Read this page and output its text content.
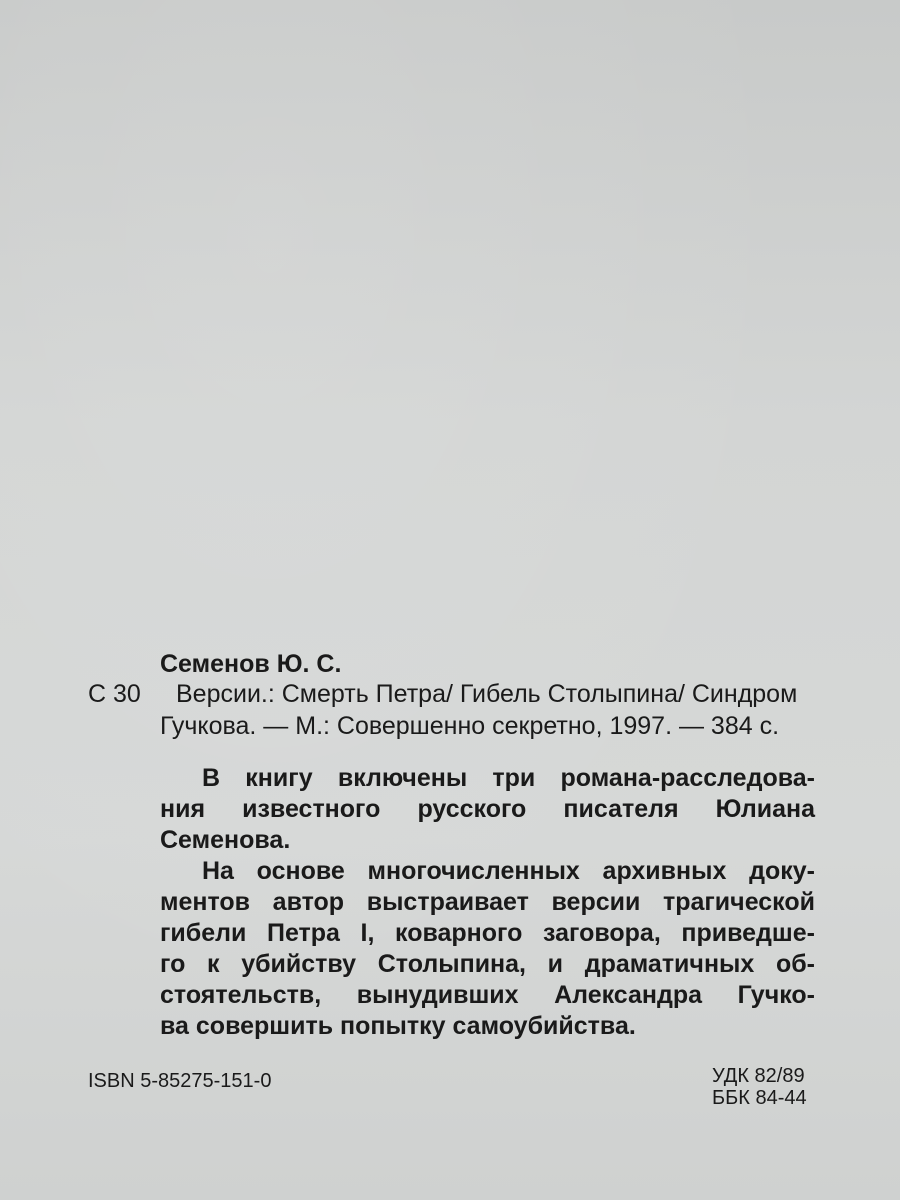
Семенов Ю. С.
С 30 Версии.: Смерть Петра/ Гибель Столыпина/ Синдром
Гучкова. — М.: Совершенно секретно, 1997. — 384 с.
В книгу включены три романа-расследова-
ния известного русского писателя Юлиана
Семенова.
На основе многочисленных архивных доку-
ментов автор выстраивает версии трагической
гибели Петра I, коварного заговора, приведше-
го к убийству Столыпина, и драматичных об-
стоятельств, вынудивших Александра Гучко-
ва совершить попытку самоубийства.
ISBN 5-85275-151-0	УДК 82/89
ББК 84-44
